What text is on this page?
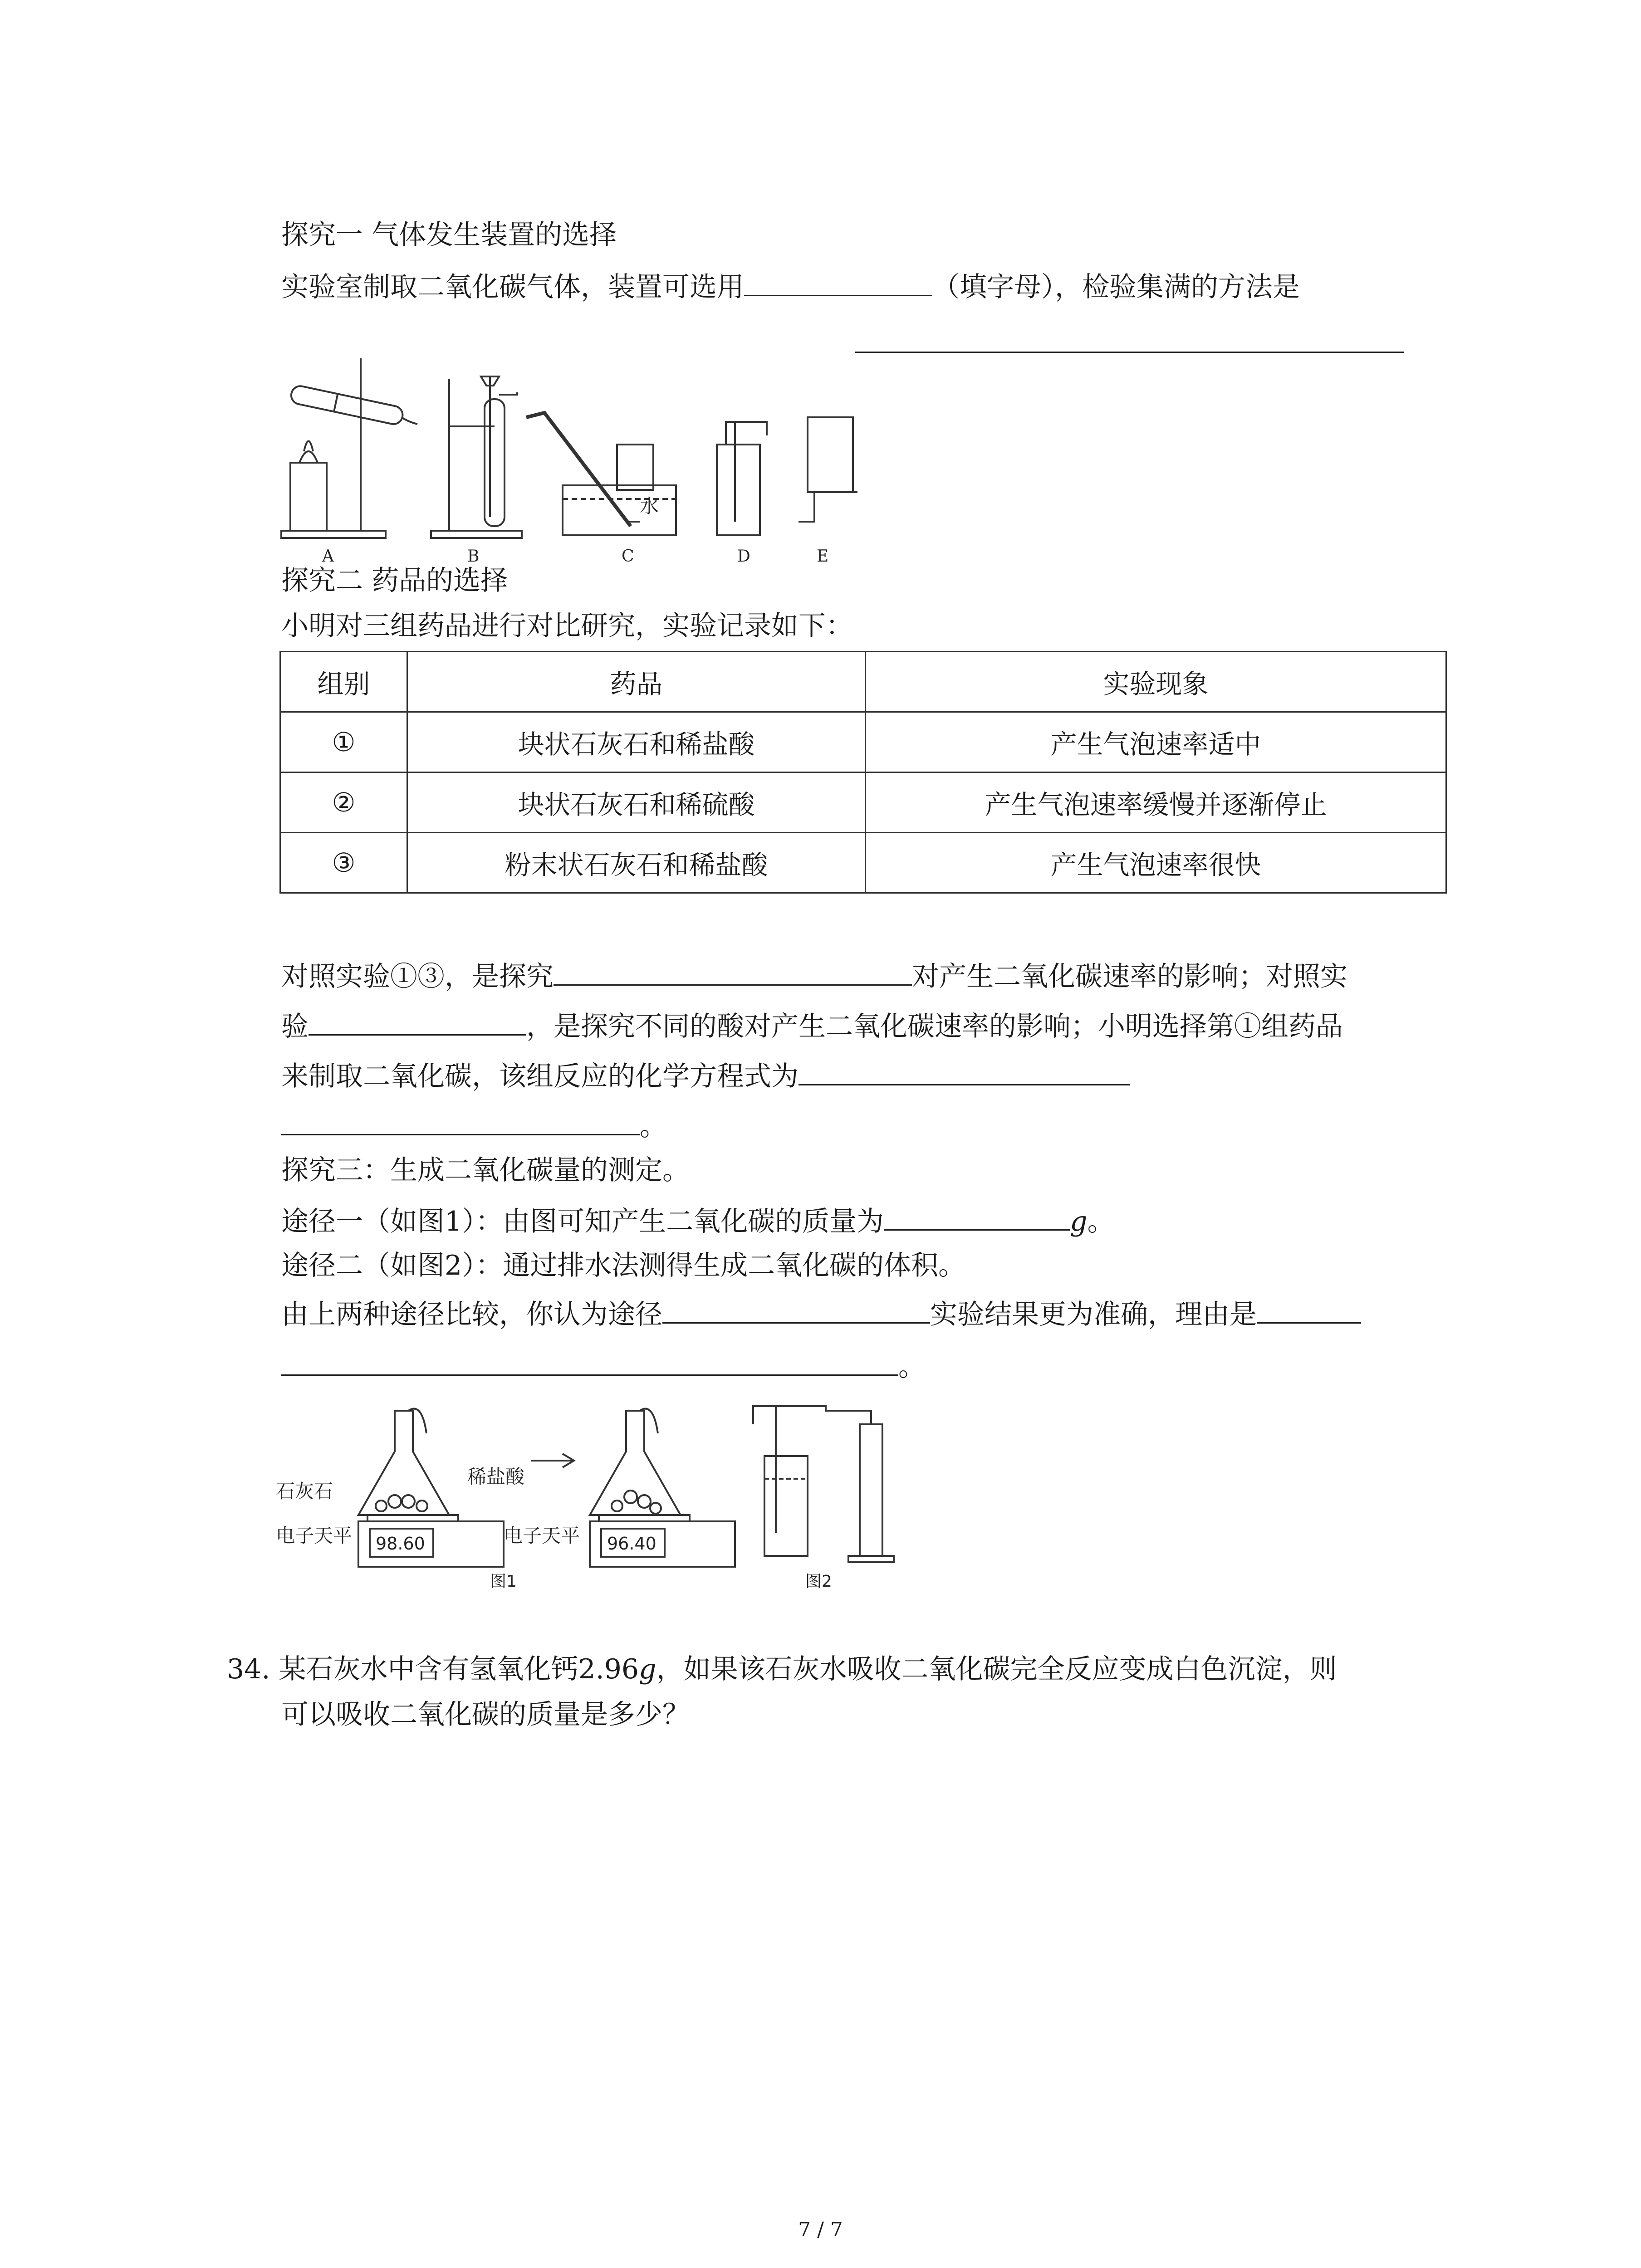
探究一 气体发生装置的选择
实验室制取二氧化碳气体，装置可选用	（填字母），检验集满的方法是
水
A	B	C	D	E
探究二 药品的选择
小明对三组药品进行对比研究，实验记录如下：
组别	药品	实验现象
①	块状石灰石和稀盐酸	产生气泡速率适中
②	块状石灰石和稀硫酸	产生气泡速率缓慢并逐渐停止
③	粉末状石灰石和稀盐酸	产生气泡速率很快
对照实验①③，是探究	对产生二氧化碳速率的影响；对照实
验	，是探究不同的酸对产生二氧化碳速率的影响；小明选择第①组药品
来制取二氧化碳，该组反应的化学方程式为
。
探究三：生成二氧化碳量的测定。
途径一（如图1）：由图可知产生二氧化碳的质量为	g。
途径二（如图2）：通过排水法测得生成二氧化碳的体积。
由上两种途径比较，你认为途径	实验结果更为准确，理由是
。
石灰石
稀盐酸
电子天平	电子天平
98.60	96.40
图1	图2
34. 某石灰水中含有氢氧化钙2.96g，如果该石灰水吸收二氧化碳完全反应变成白色沉淀，则
可以吸收二氧化碳的质量是多少？
7 / 7
